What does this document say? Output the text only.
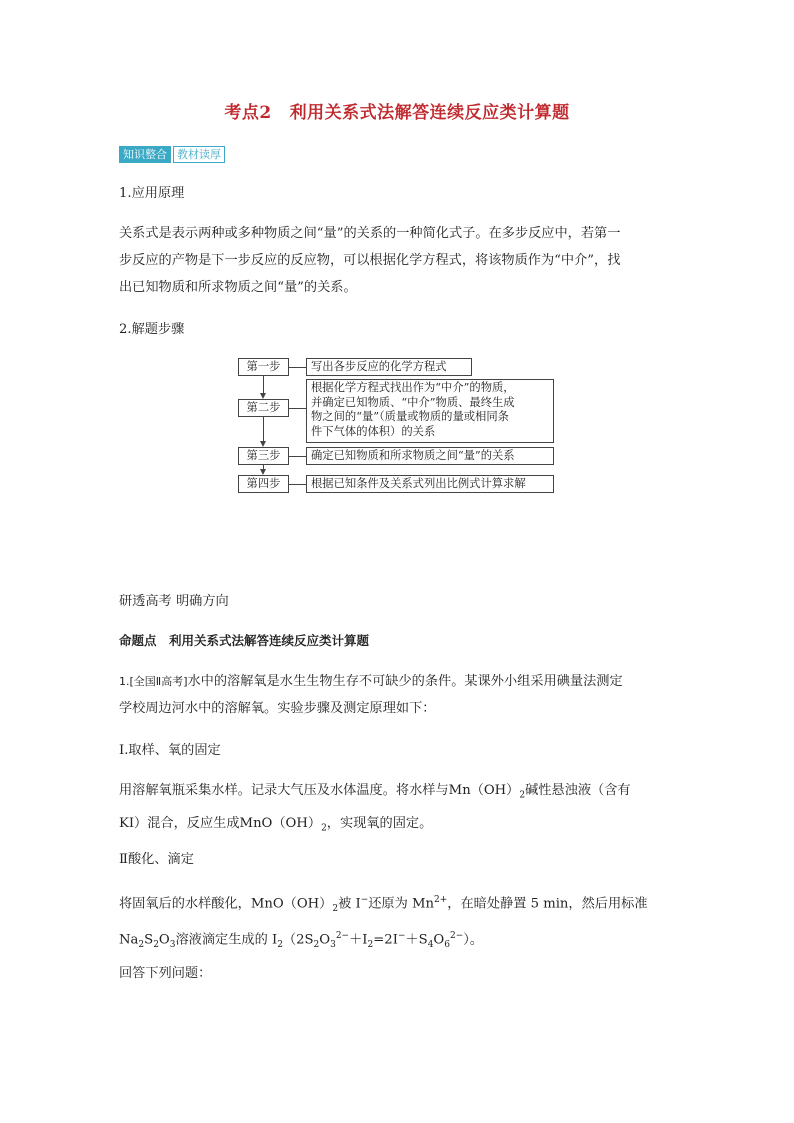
考点2 利用关系式法解答连续反应类计算题
知识整合 教材读厚
1.应用原理
关系式是表示两种或多种物质之间“量”的关系的一种简化式子。在多步反应中，若第一
步反应的产物是下一步反应的反应物，可以根据化学方程式，将该物质作为“中介”，找
出已知物质和所求物质之间“量”的关系。
2.解题步骤
第一步
第二步
第三步
第四步
写出各步反应的化学方程式
根据化学方程式找出作为“中介”的物质，
并确定已知物质、“中介”物质、最终生成
物之间的“量”（质量或物质的量或相同条
件下气体的体积）的关系
确定已知物质和所求物质之间“量”的关系
根据已知条件及关系式列出比例式计算求解
研透高考 明确方向
命题点　利用关系式法解答连续反应类计算题
1.[全国Ⅱ高考]水中的溶解氧是水生生物生存不可缺少的条件。某课外小组采用碘量法测定
学校周边河水中的溶解氧。实验步骤及测定原理如下：
Ⅰ.取样、氧的固定
用溶解氧瓶采集水样。记录大气压及水体温度。将水样与$Mn(OH)_2$碱性悬浊液（含有
KI）混合，反应生成$MnO(OH)_2$，实现氧的固定。
Ⅱ酸化、滴定
将固氧后的水样酸化，$MnO(OH)_2$被 I−还原为 $Mn^{2+}$，在暗处静置 5 min，然后用标准
$Na_2S_2O_3$溶液滴定生成的 $I_2(2S_2O_3^{2-}+I_2=2I^-+S_4O_6^{2-})$。
回答下列问题：
